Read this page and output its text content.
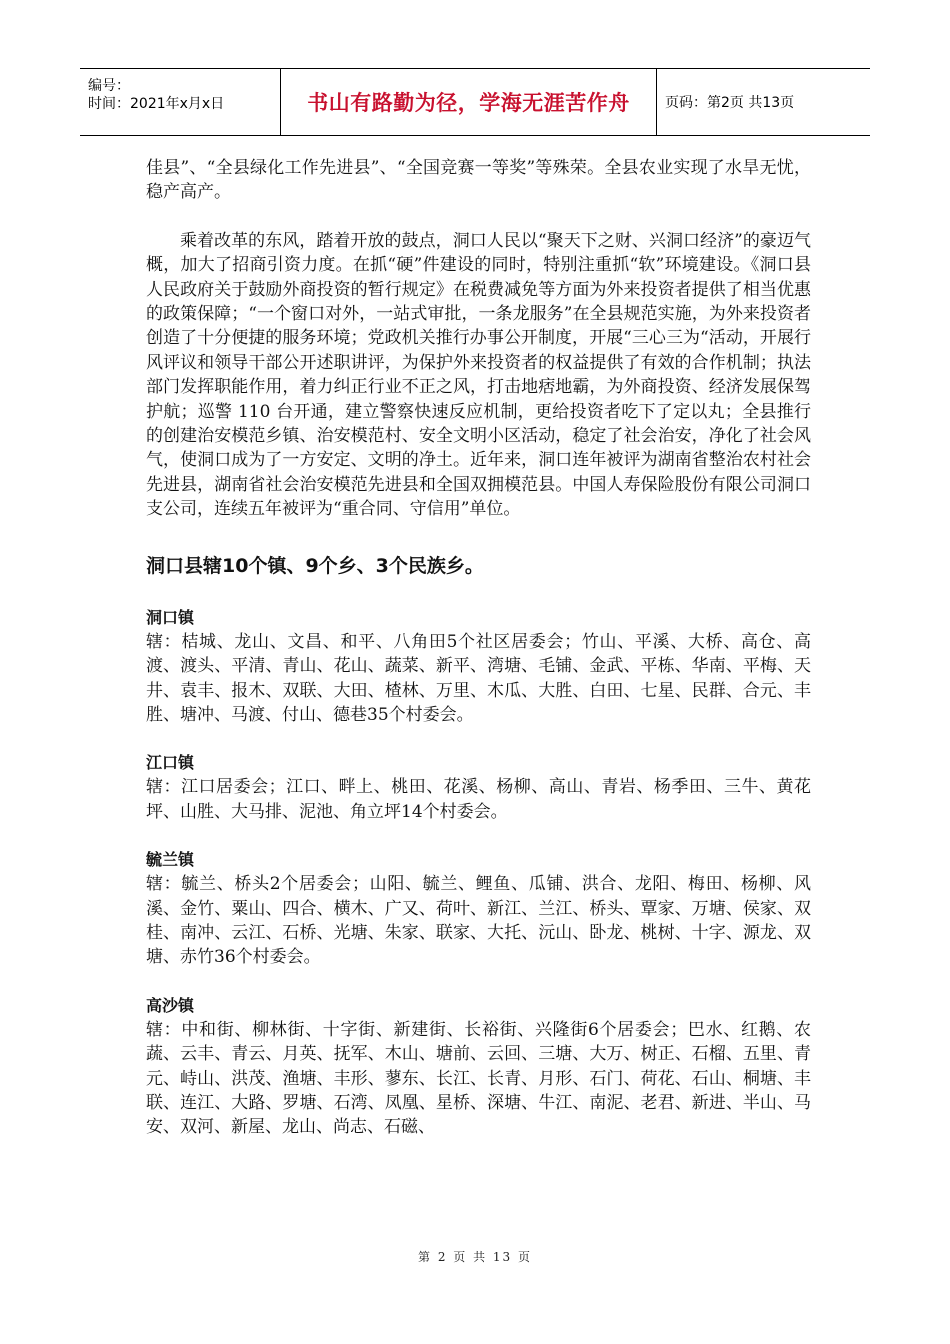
编号：
时间：2021年x月x日	书山有路勤为径，学海无涯苦作舟	页码：第2页 共13页

佳县”、“全县绿化工作先进县”、“全国竞赛一等奖”等殊荣。全县农业实现了水旱无忧，稳产高产。

乘着改革的东风，踏着开放的鼓点，洞口人民以“聚天下之财、兴洞口经济”的豪迈气概，加大了招商引资力度。在抓“硬”件建设的同时，特别注重抓“软”环境建设。《洞口县人民政府关于鼓励外商投资的暂行规定》在税费减免等方面为外来投资者提供了相当优惠的政策保障；“一个窗口对外，一站式审批，一条龙服务”在全县规范实施，为外来投资者创造了十分便捷的服务环境；党政机关推行办事公开制度，开展“三心三为“活动，开展行风评议和领导干部公开述职讲评，为保护外来投资者的权益提供了有效的合作机制；执法部门发挥职能作用，着力纠正行业不正之风，打击地痞地霸，为外商投资、经济发展保驾护航；巡警 110 台开通，建立警察快速反应机制，更给投资者吃下了定以丸；全县推行的创建治安模范乡镇、治安模范村、安全文明小区活动，稳定了社会治安，净化了社会风气，使洞口成为了一方安定、文明的净土。近年来，洞口连年被评为湖南省整治农村社会先进县，湖南省社会治安模范先进县和全国双拥模范县。中国人寿保险股份有限公司洞口支公司，连续五年被评为“重合同、守信用”单位。

洞口县辖10个镇、9个乡、3个民族乡。

洞口镇

辖：桔城、龙山、文昌、和平、八角田5个社区居委会；竹山、平溪、大桥、高仓、高渡、渡头、平清、青山、花山、蔬菜、新平、湾塘、毛铺、金武、平栋、华南、平梅、天井、袁丰、报木、双联、大田、楂林、万里、木瓜、大胜、白田、七星、民群、合元、丰胜、塘冲、马渡、付山、德巷35个村委会。

江口镇

辖：江口居委会；江口、畔上、桃田、花溪、杨柳、高山、青岩、杨季田、三牛、黄花坪、山胜、大马排、泥池、角立坪14个村委会。

毓兰镇

辖：毓兰、桥头2个居委会；山阳、毓兰、鲤鱼、瓜铺、洪合、龙阳、梅田、杨柳、风溪、金竹、粟山、四合、横木、广又、荷叶、新江、兰江、桥头、覃家、万塘、侯家、双桂、南冲、云江、石桥、光塘、朱家、联家、大托、沅山、卧龙、桃树、十字、源龙、双塘、赤竹36个村委会。

高沙镇

辖：中和街、柳林街、十字街、新建街、长裕街、兴隆街6个居委会；巴水、红鹅、农蔬、云丰、青云、月英、抚军、木山、塘前、云回、三塘、大万、树正、石榴、五里、青元、峙山、洪茂、渔塘、丰形、蓼东、长江、长青、月形、石门、荷花、石山、桐塘、丰联、连江、大路、罗塘、石湾、凤凰、星桥、深塘、牛江、南泥、老君、新进、半山、马安、双河、新屋、龙山、尚志、石磁、

第 2 页 共 13 页
